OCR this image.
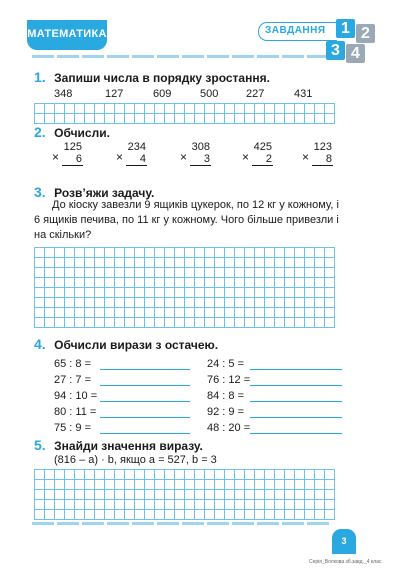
МАТЕМАТИКА	ЗАВДАННЯ 1 2
3 4
1. Запиши числа в порядку зростання.
348	127	609	500	227	431
2. Обчисли.
×
125
6	×
234
4	×
308
3	×
425
2	×
123
8
3. Розв’яжи задачу.
До кіоску завезли 9 ящиків цукерок, по 12 кг у кожному, і 6 ящиків печива, по 11 кг у кожному. Чого більше привезли і на скільки?
4. Обчисли вирази з остачею.
65 : 8 =
27 : 7 =
94 : 10 =
80 : 11 =
75 : 9 =
24 : 5 =
76 : 12 =
84 : 8 =
92 : 9 =
48 : 20 =
5. Знайди значення виразу.
(816 – a) · b, якщо a = 527, b = 3
3
Серія_Волкова зб.завд._4 клас
